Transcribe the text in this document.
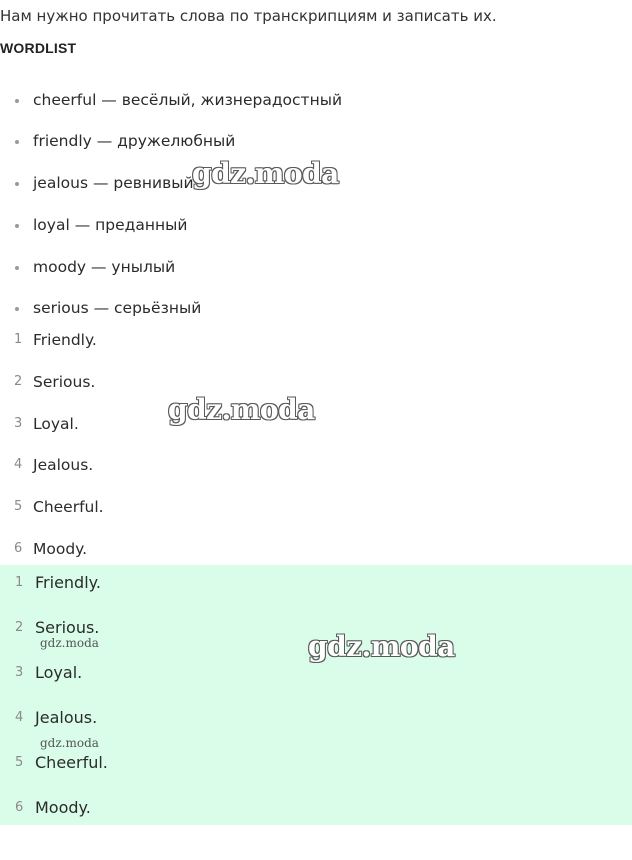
Нам нужно прочитать слова по транскрипциям и записать их.
WORDLIST
cheerful — весёлый, жизнерадостный
friendly — дружелюбный
jealous — ревнивый
loyal — преданный
moody — унылый
serious — серьёзный
1 Friendly.
2 Serious.
3 Loyal.
4 Jealous.
5 Cheerful.
6 Moody.
1 Friendly.
2 Serious.
3 Loyal.
4 Jealous.
5 Cheerful.
6 Moody.
gdz.moda
gdz.moda
gdz.moda
gdz.moda
gdz.moda
